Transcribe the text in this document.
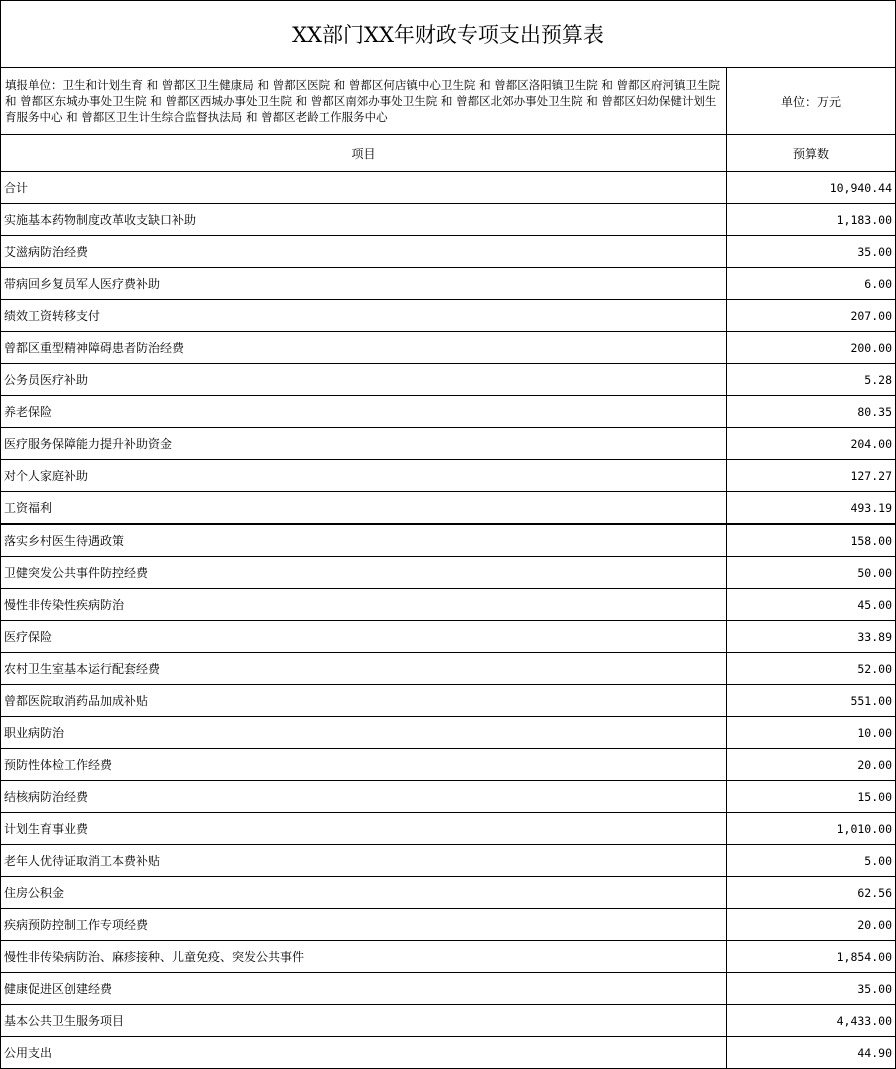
XX部门XX年财政专项支出预算表	
填报单位：卫生和计划生育 和 曾都区卫生健康局 和 曾都区医院 和 曾都区何店镇中心卫生院 和 曾都区洛阳镇卫生院 和 曾都区府河镇卫生院 和 曾都区东城办事处卫生院 和 曾都区西城办事处卫生院 和 曾都区南郊办事处卫生院 和 曾都区北郊办事处卫生院 和 曾都区妇幼保健计划生育服务中心 和 曾都区卫生计生综合监督执法局 和 曾都区老龄工作服务中心	单位：万元
项目	预算数
合计	10,940.44
实施基本药物制度改革收支缺口补助	1,183.00
艾滋病防治经费	35.00
带病回乡复员军人医疗费补助	6.00
绩效工资转移支付	207.00
曾都区重型精神障碍患者防治经费	200.00
公务员医疗补助	5.28
养老保险	80.35
医疗服务保障能力提升补助资金	204.00
对个人家庭补助	127.27
工资福利	493.19
落实乡村医生待遇政策	158.00
卫健突发公共事件防控经费	50.00
慢性非传染性疾病防治	45.00
医疗保险	33.89
农村卫生室基本运行配套经费	52.00
曾都医院取消药品加成补贴	551.00
职业病防治	10.00
预防性体检工作经费	20.00
结核病防治经费	15.00
计划生育事业费	1,010.00
老年人优待证取消工本费补贴	5.00
住房公积金	62.56
疾病预防控制工作专项经费	20.00
慢性非传染病防治、麻疹接种、儿童免疫、突发公共事件	1,854.00
健康促进区创建经费	35.00
基本公共卫生服务项目	4,433.00
公用支出	44.90
